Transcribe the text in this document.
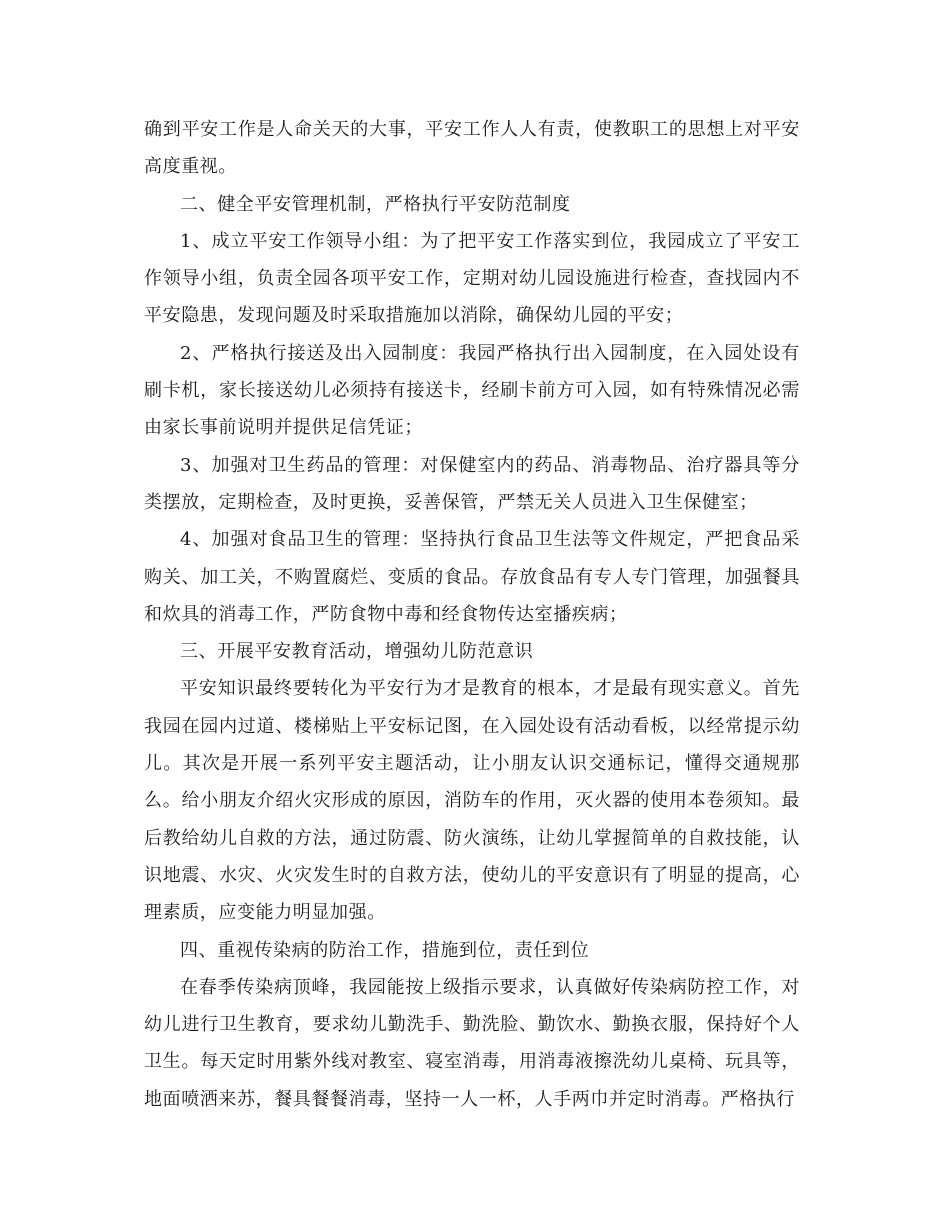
确到平安工作是人命关天的大事，平安工作人人有责，使教职工的思想上对平安高度重视。

二、健全平安管理机制，严格执行平安防范制度

1、成立平安工作领导小组：为了把平安工作落实到位，我园成立了平安工作领导小组，负责全园各项平安工作，定期对幼儿园设施进行检查，查找园内不平安隐患，发现问题及时采取措施加以消除，确保幼儿园的平安；

2、严格执行接送及出入园制度：我园严格执行出入园制度，在入园处设有刷卡机，家长接送幼儿必须持有接送卡，经刷卡前方可入园，如有特殊情况必需由家长事前说明并提供足信凭证；

3、加强对卫生药品的管理：对保健室内的药品、消毒物品、治疗器具等分类摆放，定期检查，及时更换，妥善保管，严禁无关人员进入卫生保健室；

4、加强对食品卫生的管理：坚持执行食品卫生法等文件规定，严把食品采购关、加工关，不购置腐烂、变质的食品。存放食品有专人专门管理，加强餐具和炊具的消毒工作，严防食物中毒和经食物传达室播疾病；

三、开展平安教育活动，增强幼儿防范意识

平安知识最终要转化为平安行为才是教育的根本，才是最有现实意义。首先我园在园内过道、楼梯贴上平安标记图，在入园处设有活动看板，以经常提示幼儿。其次是开展一系列平安主题活动，让小朋友认识交通标记，懂得交通规那么。给小朋友介绍火灾形成的原因，消防车的作用，灭火器的使用本卷须知。最后教给幼儿自救的方法，通过防震、防火演练，让幼儿掌握简单的自救技能，认识地震、水灾、火灾发生时的自救方法，使幼儿的平安意识有了明显的提高，心理素质，应变能力明显加强。

四、重视传染病的防治工作，措施到位，责任到位

在春季传染病顶峰，我园能按上级指示要求，认真做好传染病防控工作，对幼儿进行卫生教育，要求幼儿勤洗手、勤洗脸、勤饮水、勤换衣服，保持好个人卫生。每天定时用紫外线对教室、寝室消毒，用消毒液擦洗幼儿桌椅、玩具等，地面喷洒来苏，餐具餐餐消毒，坚持一人一杯，人手两巾并定时消毒。严格执行
